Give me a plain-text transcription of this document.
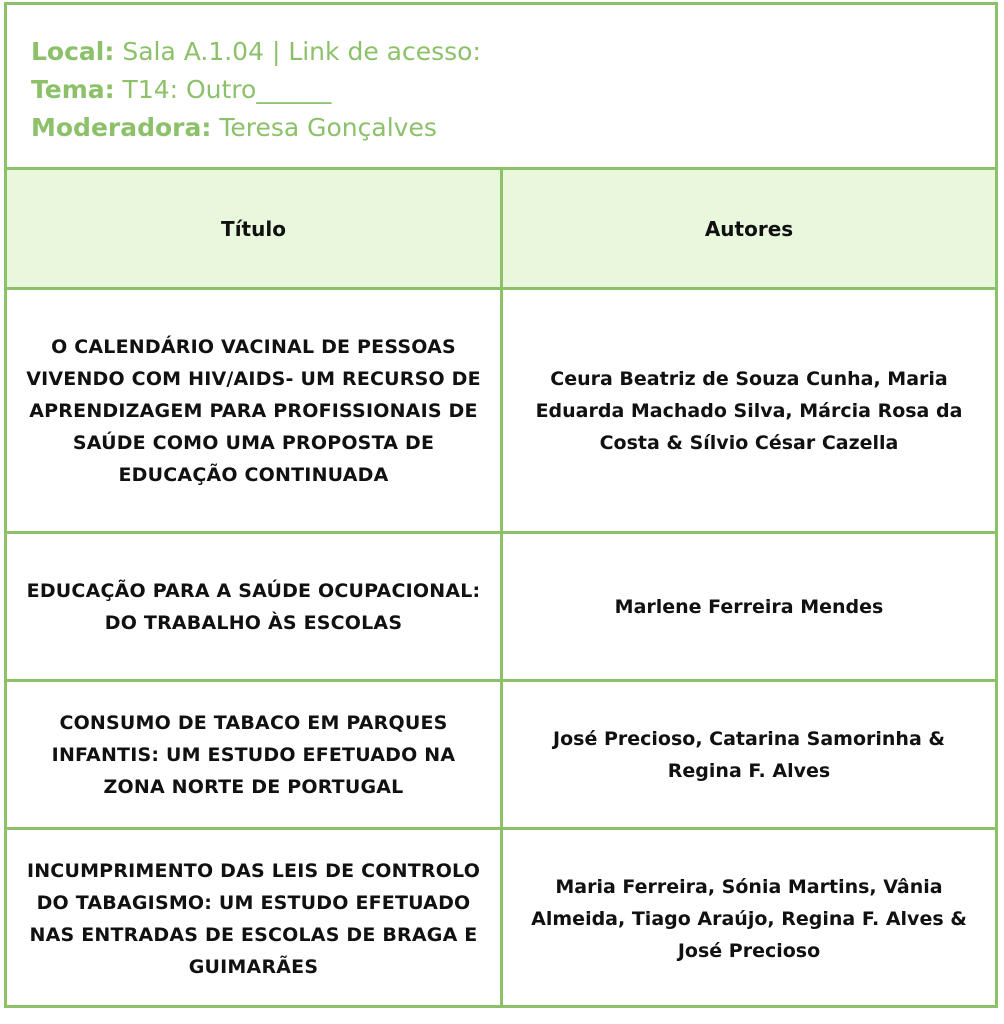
Local: Sala A.1.04 | Link de acesso:
Tema: T14: Outro______
Moderadora: Teresa Gonçalves
Título	Autores
O CALENDÁRIO VACINAL DE PESSOAS VIVENDO COM HIV/AIDS- UM RECURSO DE APRENDIZAGEM PARA PROFISSIONAIS DE SAÚDE COMO UMA PROPOSTA DE EDUCAÇÃO CONTINUADA
Ceura Beatriz de Souza Cunha, Maria Eduarda Machado Silva, Márcia Rosa da Costa & Sílvio César Cazella
EDUCAÇÃO PARA A SAÚDE OCUPACIONAL: DO TRABALHO ÀS ESCOLAS
Marlene Ferreira Mendes
CONSUMO DE TABACO EM PARQUES INFANTIS: UM ESTUDO EFETUADO NA ZONA NORTE DE PORTUGAL
José Precioso, Catarina Samorinha & Regina F. Alves
INCUMPRIMENTO DAS LEIS DE CONTROLO DO TABAGISMO: UM ESTUDO EFETUADO NAS ENTRADAS DE ESCOLAS DE BRAGA E GUIMARÃES
Maria Ferreira, Sónia Martins, Vânia Almeida, Tiago Araújo, Regina F. Alves & José Precioso
